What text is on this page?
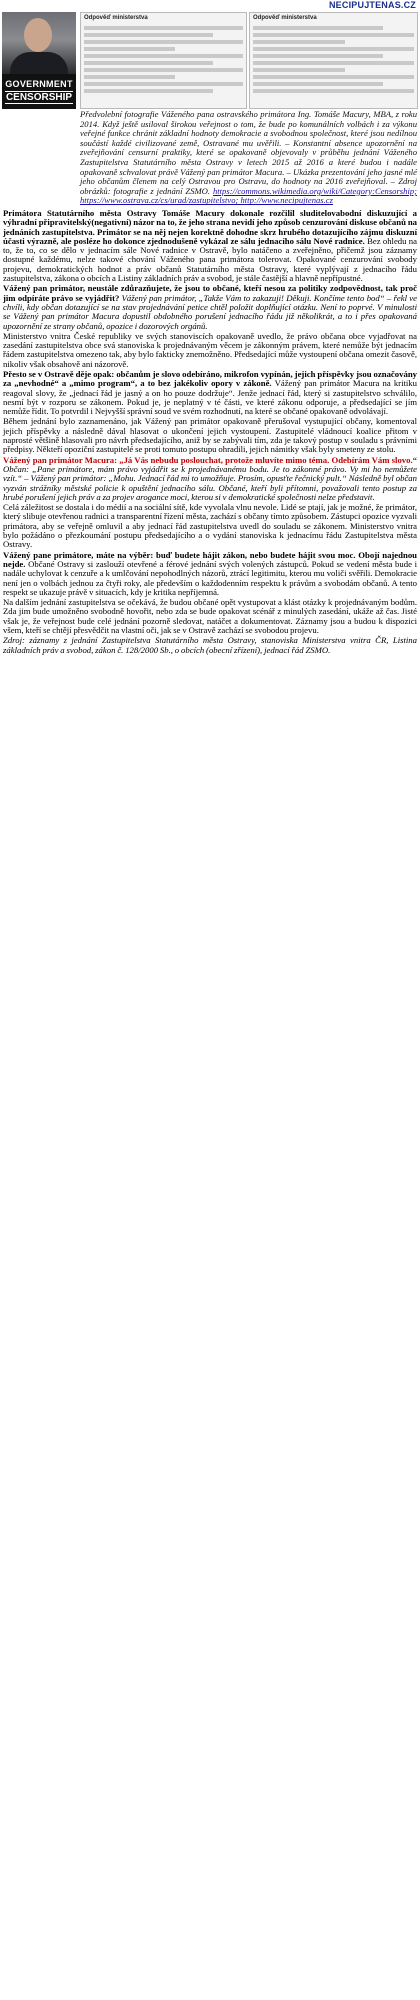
NECIPUJTENAS.CZ
GOVERNMENT
CENSORSHIP
Odpověď ministerstva	Odpověď ministerstva
Předvolební fotografie Váženého pana ostravského primátora Ing. Tomáše Macury, MBA, z roku 2014. Když ještě usiloval širokou veřejnost o tom, že bude po komunálních volbách i za výkonu veřejné funkce chránit základní hodnoty demokracie a svobodnou společnost, které jsou nedílnou součástí každé civilizované země, Ostravané mu uvěřili. – Konstantní absence upozornění na zveřejňování censurní praktiky, které se opakovaně objevovaly v průběhu jednání Váženého Zastupitelstva Statutárního města Ostravy v letech 2015 až 2016 a které budou i nadále opakovaně schvalovat právě Vážený pan primátor Macura. – Ukázka prezentování jeho jasné mlé jeho občanům členem na celý Ostravou pro Ostravu, do hodnoty na 2016 zveřejňoval. – Zdroj obrázků: fotografie z jednání ZSMO. https://commons.wikimedia.org/wiki/Category:Censorship; https://www.ostrava.cz/cs/urad/zastupitelstvo; http://www.necipujtenas.cz

Primátora Statutárního města Ostravy Tomáše Macury dokonale rozčilil sluditelovabodní diskuzující a výhradní připravitelský(negativní) názor na to, že jeho strana nevidí jeho způsob cenzurování diskuse občanů na jednáních zastupitelstva. Primátor se na něj nejen korektně dohodne skrz hrubého dotazujícího zájmu diskuzní účasti výrazně, ale posléze ho dokonce zjednodušeně vykázal ze sálu jednacího sálu Nové radnice. Bez ohledu na to, že to, co se dělo v jednacím sále Nové radnice v Ostravě, bylo natáčeno a zveřejněno, přičemž jsou záznamy dostupné každému, nelze takové chování Váženého pana primátora tolerovat. Opakované cenzurování svobody projevu, demokratických hodnot a práv občanů Statutárního města Ostravy, které vyplývají z jednacího řádu zastupitelstva, zákona o obcích a Listiny základních práv a svobod, je stále častější a hlavně nepřípustné.

Vážený pan primátor, neustále zdůrazňujete, že jsou to občané, kteří nesou za politiky zodpovědnost, tak proč jim odpíráte právo se vyjádřit? Vážený pan primátor, „Takže Vám to zakazuji! Děkuji. Končíme tento bod“ – řekl ve chvíli, kdy občan dotazující se na stav projednávání petice chtěl položit doplňující otázku. Není to poprvé. V minulosti se Vážený pan primátor Macura dopustil obdobného porušení jednacího řádu již několikrát, a to i přes opakovaná upozornění ze strany občanů, opozice i dozorových orgánů.

Ministerstvo vnitra České republiky ve svých stanoviscích opakovaně uvedlo, že právo občana obce vyjadřovat na zasedání zastupitelstva obce svá stanoviska k projednávaným věcem je zákonným právem, které nemůže být jednacím řádem zastupitelstva omezeno tak, aby bylo fakticky znemožněno. Předsedající může vystoupení občana omezit časově, nikoliv však obsahově ani názorově.

Přesto se v Ostravě děje opak: občanům je slovo odebíráno, mikrofon vypínán, jejich příspěvky jsou označovány za „nevhodné“ a „mimo program“, a to bez jakékoliv opory v zákoně. Vážený pan primátor Macura na kritiku reagoval slovy, že „jednací řád je jasný a on ho pouze dodržuje“. Jenže jednací řád, který si zastupitelstvo schválilo, nesmí být v rozporu se zákonem. Pokud je, je neplatný v té části, ve které zákonu odporuje, a předsedající se jím nemůže řídit. To potvrdil i Nejvyšší správní soud ve svém rozhodnutí, na které se občané opakovaně odvolávají.

Během jednání bylo zaznamenáno, jak Vážený pan primátor opakovaně přerušoval vystupující občany, komentoval jejich příspěvky a následně dával hlasovat o ukončení jejich vystoupení. Zastupitelé vládnoucí koalice přitom v naprosté většině hlasovali pro návrh předsedajícího, aniž by se zabývali tím, zda je takový postup v souladu s právními předpisy. Někteří opoziční zastupitelé se proti tomuto postupu ohradili, jejich námitky však byly smeteny ze stolu.

Vážený pan primátor Macura: „Já Vás nebudu poslouchat, protože mluvíte mimo téma. Odebírám Vám slovo.“ Občan: „Pane primátore, mám právo vyjádřit se k projednávanému bodu. Je to zákonné právo. Vy mi ho nemůžete vzít.“ – Vážený pan primátor: „Mohu. Jednací řád mi to umožňuje. Prosím, opusťte řečnický pult.“ Následně byl občan vyzván strážníky městské policie k opuštění jednacího sálu. Občané, kteří byli přítomni, považovali tento postup za hrubé porušení jejich práv a za projev arogance moci, kterou si v demokratické společnosti nelze představit.

Celá záležitost se dostala i do médií a na sociální sítě, kde vyvolala vlnu nevole. Lidé se ptají, jak je možné, že primátor, který slibuje otevřenou radnici a transparentní řízení města, zachází s občany tímto způsobem. Zástupci opozice vyzvali primátora, aby se veřejně omluvil a aby jednací řád zastupitelstva uvedl do souladu se zákonem. Ministerstvo vnitra bylo požádáno o přezkoumání postupu předsedajícího a o vydání stanoviska k jednacímu řádu Zastupitelstva města Ostravy.

Vážený pane primátore, máte na výběr: buď budete hájit zákon, nebo budete hájit svou moc. Obojí najednou nejde. Občané Ostravy si zaslouží otevřené a férové jednání svých volených zástupců. Pokud se vedení města bude i nadále uchylovat k cenzuře a k umlčování nepohodlných názorů, ztrácí legitimitu, kterou mu voliči svěřili. Demokracie není jen o volbách jednou za čtyři roky, ale především o každodenním respektu k právům a svobodám občanů. A tento respekt se ukazuje právě v situacích, kdy je kritika nepříjemná.

Na dalším jednání zastupitelstva se očekává, že budou občané opět vystupovat a klást otázky k projednávaným bodům. Zda jim bude umožněno svobodně hovořit, nebo zda se bude opakovat scénář z minulých zasedání, ukáže až čas. Jisté však je, že veřejnost bude celé jednání pozorně sledovat, natáčet a dokumentovat. Záznamy jsou a budou k dispozici všem, kteří se chtějí přesvědčit na vlastní oči, jak se v Ostravě zachází se svobodou projevu.

Zdroj: záznamy z jednání Zastupitelstva Statutárního města Ostravy, stanoviska Ministerstva vnitra ČR, Listina základních práv a svobod, zákon č. 128/2000 Sb., o obcích (obecní zřízení), jednací řád ZSMO.
